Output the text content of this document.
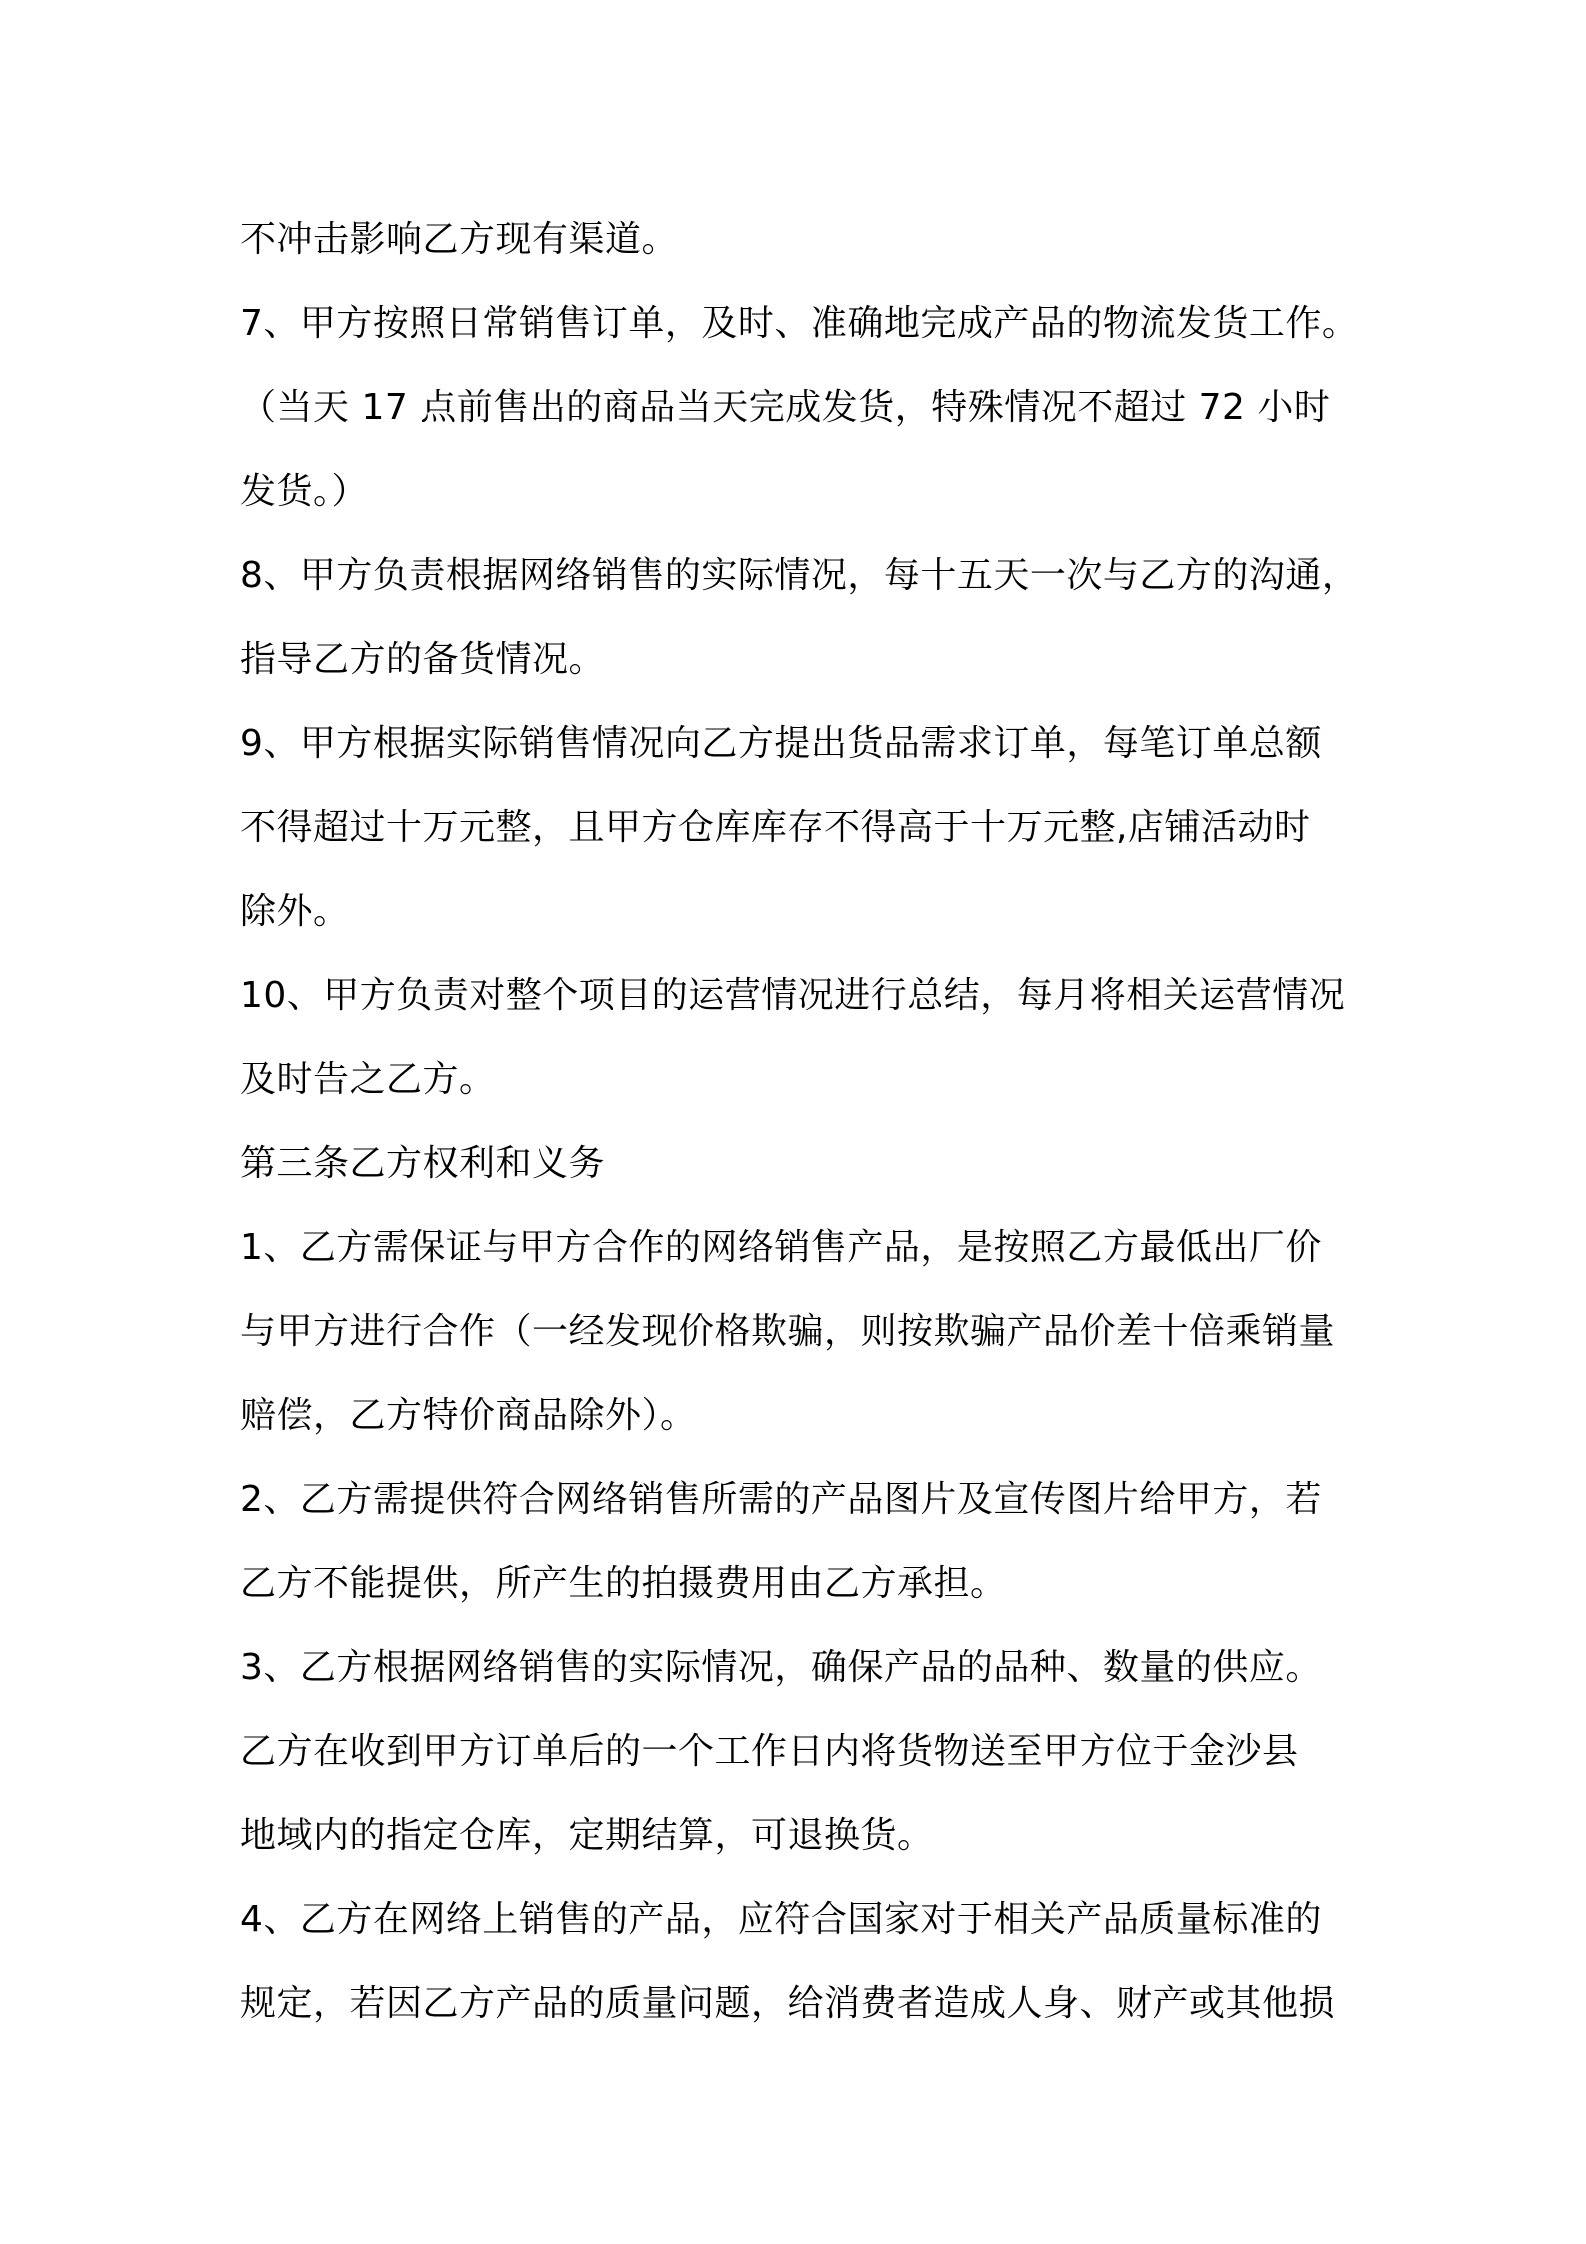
不冲击影响乙方现有渠道。
7、甲方按照日常销售订单，及时、准确地完成产品的物流发货工作。
（当天 17 点前售出的商品当天完成发货，特殊情况不超过 72 小时
发货。）
8、甲方负责根据网络销售的实际情况，每十五天一次与乙方的沟通，
指导乙方的备货情况。
9、甲方根据实际销售情况向乙方提出货品需求订单，每笔订单总额
不得超过十万元整，且甲方仓库库存不得高于十万元整,店铺活动时
除外。
10、甲方负责对整个项目的运营情况进行总结，每月将相关运营情况
及时告之乙方。
第三条乙方权利和义务
1、乙方需保证与甲方合作的网络销售产品，是按照乙方最低出厂价
与甲方进行合作（一经发现价格欺骗，则按欺骗产品价差十倍乘销量
赔偿，乙方特价商品除外）。
2、乙方需提供符合网络销售所需的产品图片及宣传图片给甲方，若
乙方不能提供，所产生的拍摄费用由乙方承担。
3、乙方根据网络销售的实际情况，确保产品的品种、数量的供应。
乙方在收到甲方订单后的一个工作日内将货物送至甲方位于金沙县
地域内的指定仓库，定期结算，可退换货。
4、乙方在网络上销售的产品，应符合国家对于相关产品质量标准的
规定，若因乙方产品的质量问题，给消费者造成人身、财产或其他损
